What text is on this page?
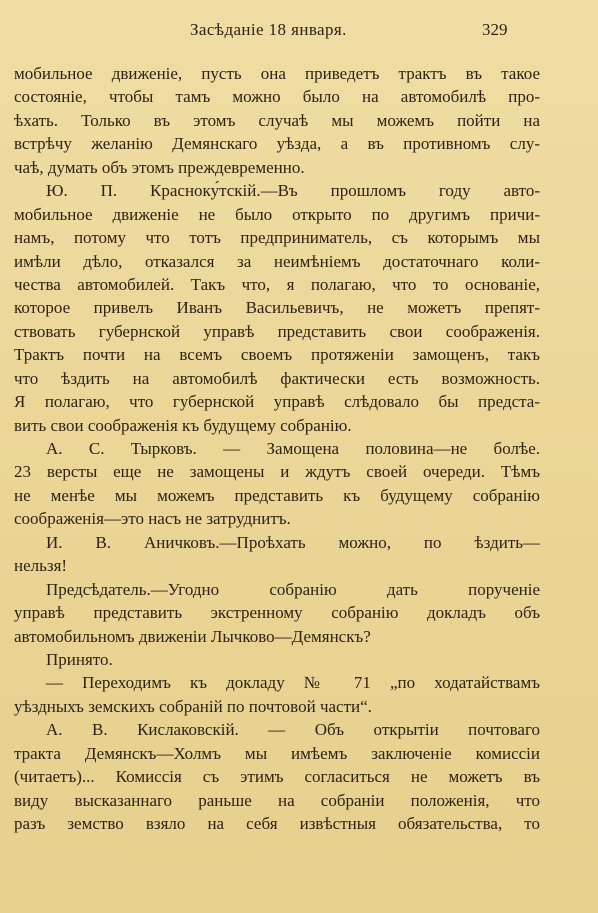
Засѣданіе 18 января.	329
мобильное движеніе, пусть она приведетъ трактъ въ такое
состояніе, чтобы тамъ можно было на автомобилѣ про-
ѣхать. Только въ этомъ случаѣ мы можемъ пойти на
встрѣчу желанію Демянскаго уѣзда, а въ противномъ слу-
чаѣ, думать объ этомъ преждевременно.
Ю. П. Красноку́тскій.—Въ прошломъ году авто-
мобильное движеніе не было открыто по другимъ причи-
намъ, потому что тотъ предприниматель, съ которымъ мы
имѣли дѣло, отказался за неимѣніемъ достаточнаго коли-
чества автомобилей. Такъ что, я полагаю, что то основаніе,
которое привелъ Иванъ Васильевичъ, не можетъ препят-
ствовать губернской управѣ представить свои соображенія.
Трактъ почти на всемъ своемъ протяженіи замощенъ, такъ
что ѣздить на автомобилѣ фактически есть возможность.
Я полагаю, что губернской управѣ слѣдовало бы предста-
вить свои соображенія къ будущему собранію.
А. С. Тырковъ. — Замощена половина—не болѣе.
23 версты еще не замощены и ждутъ своей очереди. Тѣмъ
не менѣе мы можемъ представить къ будущему собранію
соображенія—это насъ не затруднитъ.
И. В. Аничковъ.—Проѣхать можно, по ѣздить—
нельзя!
Предсѣдатель.—Угодно собранію дать порученіе
управѣ представить экстренному собранію докладъ объ
автомобильномъ движеніи Лычково—Демянскъ?
Принято.
— Переходимъ къ докладу № 71 „по ходатайствамъ
уѣздныхъ земскихъ собраній по почтовой части“.
А. В. Кислаковскій. — Объ открытіи почтоваго
тракта Демянскъ—Холмъ мы имѣемъ заключеніе комиссіи
(читаетъ)... Комиссія съ этимъ согласиться не можетъ въ
виду высказаннаго раньше на собраніи положенія, что
разъ земство взяло на себя извѣстныя обязательства, то
